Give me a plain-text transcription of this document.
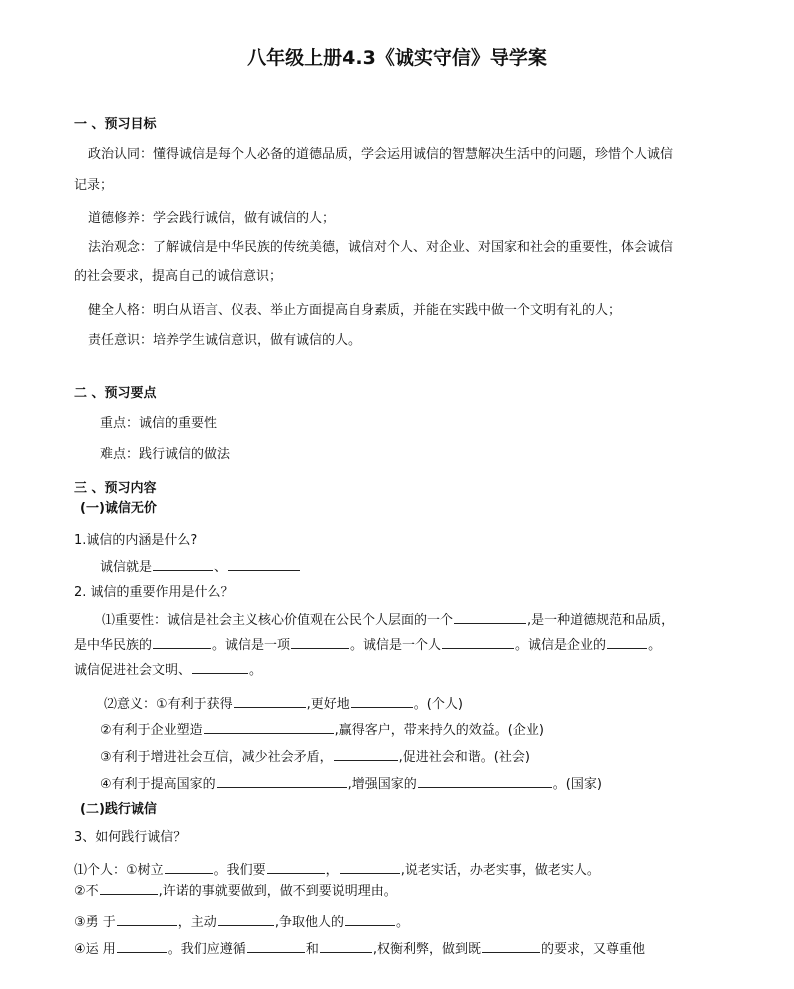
八年级上册4.3《诚实守信》导学案
一 、预习目标
政治认同：懂得诚信是每个人必备的道德品质，学会运用诚信的智慧解决生活中的问题，珍惜个人诚信
记录；
道德修养：学会践行诚信，做有诚信的人；
法治观念：了解诚信是中华民族的传统美德，诚信对个人、对企业、对国家和社会的重要性，体会诚信
的社会要求，提高自己的诚信意识；
健全人格：明白从语言、仪表、举止方面提高自身素质，并能在实践中做一个文明有礼的人；
责任意识：培养学生诚信意识，做有诚信的人。
二 、预习要点
重点：诚信的重要性
难点：践行诚信的做法
三 、预习内容
(一)诚信无价
1.诚信的内涵是什么?
诚信就是	、
2. 诚信的重要作用是什么？
⑴重要性：诚信是社会主义核心价值观在公民个人层面的一个	,是一种道德规范和品质，
是中华民族的	。诚信是一项	。诚信是一个人	。诚信是企业的	。
诚信促进社会文明、	。
⑵意义：①有利于获得	,更好地	。(个人)
②有利于企业塑造	,赢得客户，带来持久的效益。(企业)
③有利于增进社会互信，减少社会矛盾，	,促进社会和谐。(社会)
④有利于提高国家的	,增强国家的	。(国家)
(二)践行诚信
3、如何践行诚信？
⑴个人：①树立	。我们要	，	,说老实话，办老实事，做老实人。
②不	,许诺的事就要做到，做不到要说明理由。
③勇 于	，主动	,争取他人的	。
④运 用	。我们应遵循	和	,权衡利弊，做到既	的要求，又尊重他
